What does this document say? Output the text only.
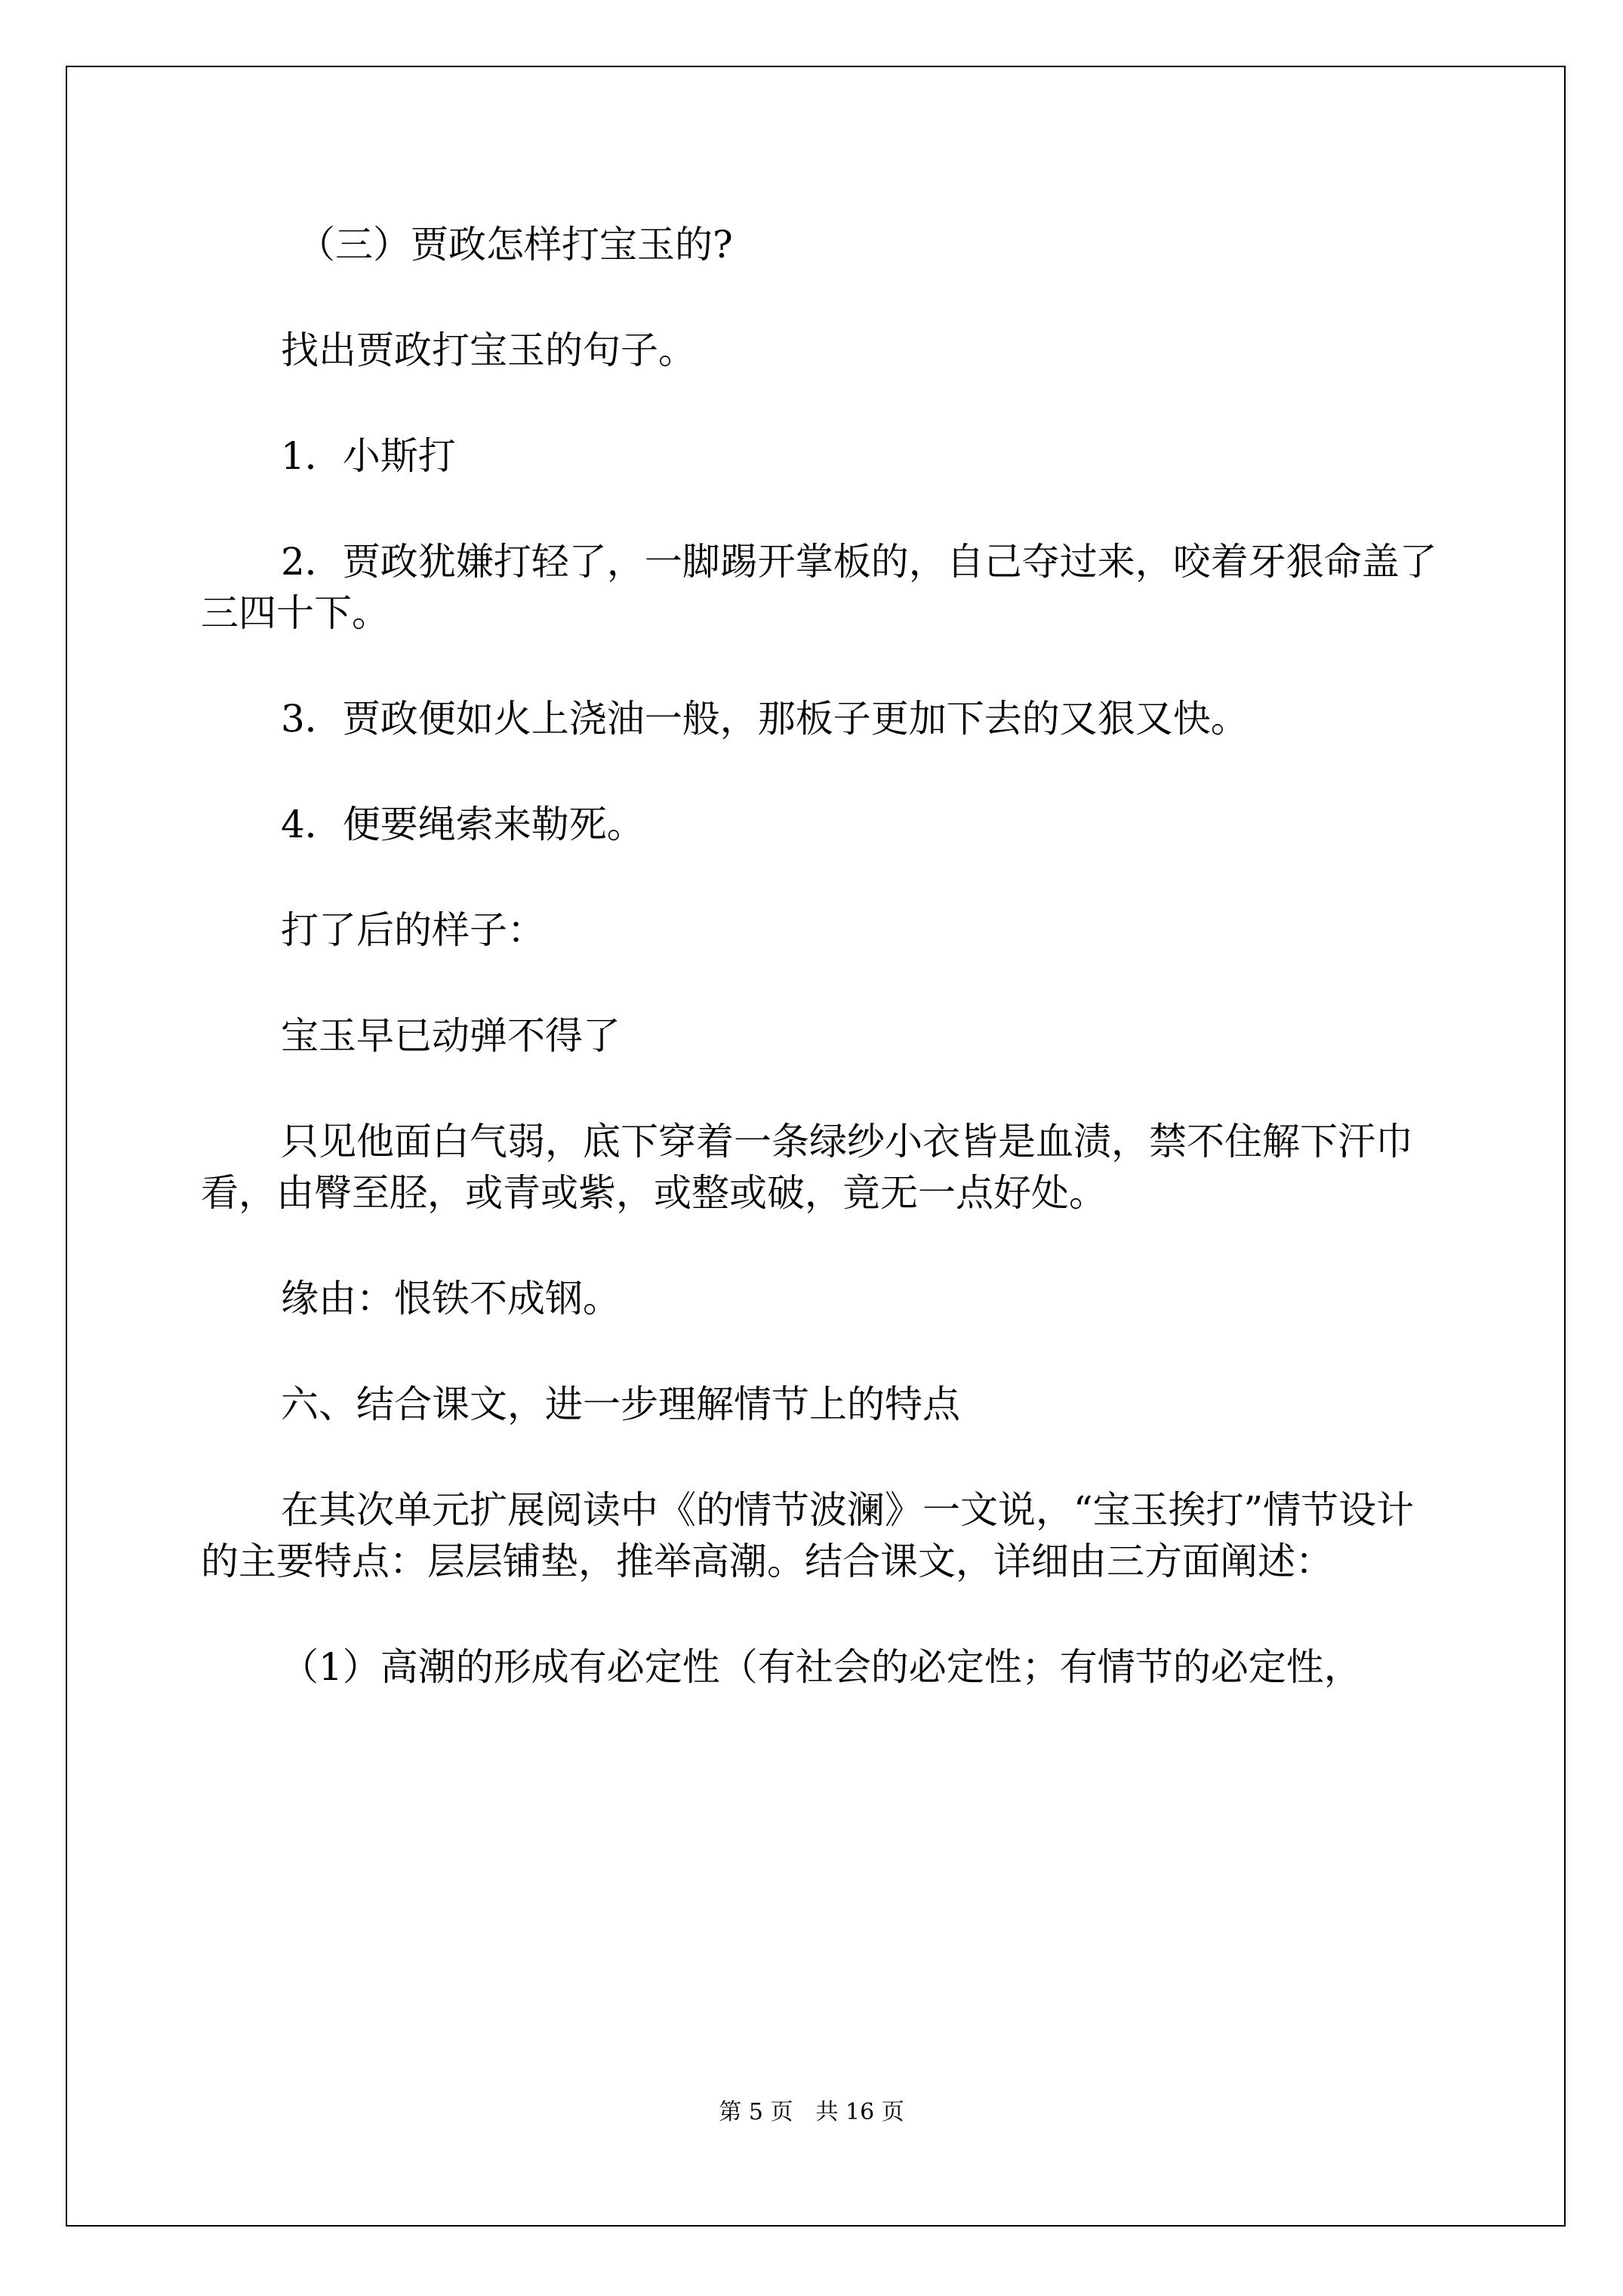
（三）贾政怎样打宝玉的?

找出贾政打宝玉的句子。

1．小斯打

2．贾政犹嫌打轻了，一脚踢开掌板的，自己夺过来，咬着牙狠命盖了三四十下。

3．贾政便如火上浇油一般，那板子更加下去的又狠又快。

4．便要绳索来勒死。

打了后的样子：

宝玉早已动弹不得了

只见他面白气弱，底下穿着一条绿纱小衣皆是血渍，禁不住解下汗巾看，由臀至胫，或青或紫，或整或破，竟无一点好处。

缘由：恨铁不成钢。

六、结合课文，进一步理解情节上的特点

在其次单元扩展阅读中《的情节波澜》一文说，“宝玉挨打”情节设计的主要特点：层层铺垫，推举高潮。结合课文，详细由三方面阐述：

（1）高潮的形成有必定性（有社会的必定性；有情节的必定性，

第 5 页　共 16 页
